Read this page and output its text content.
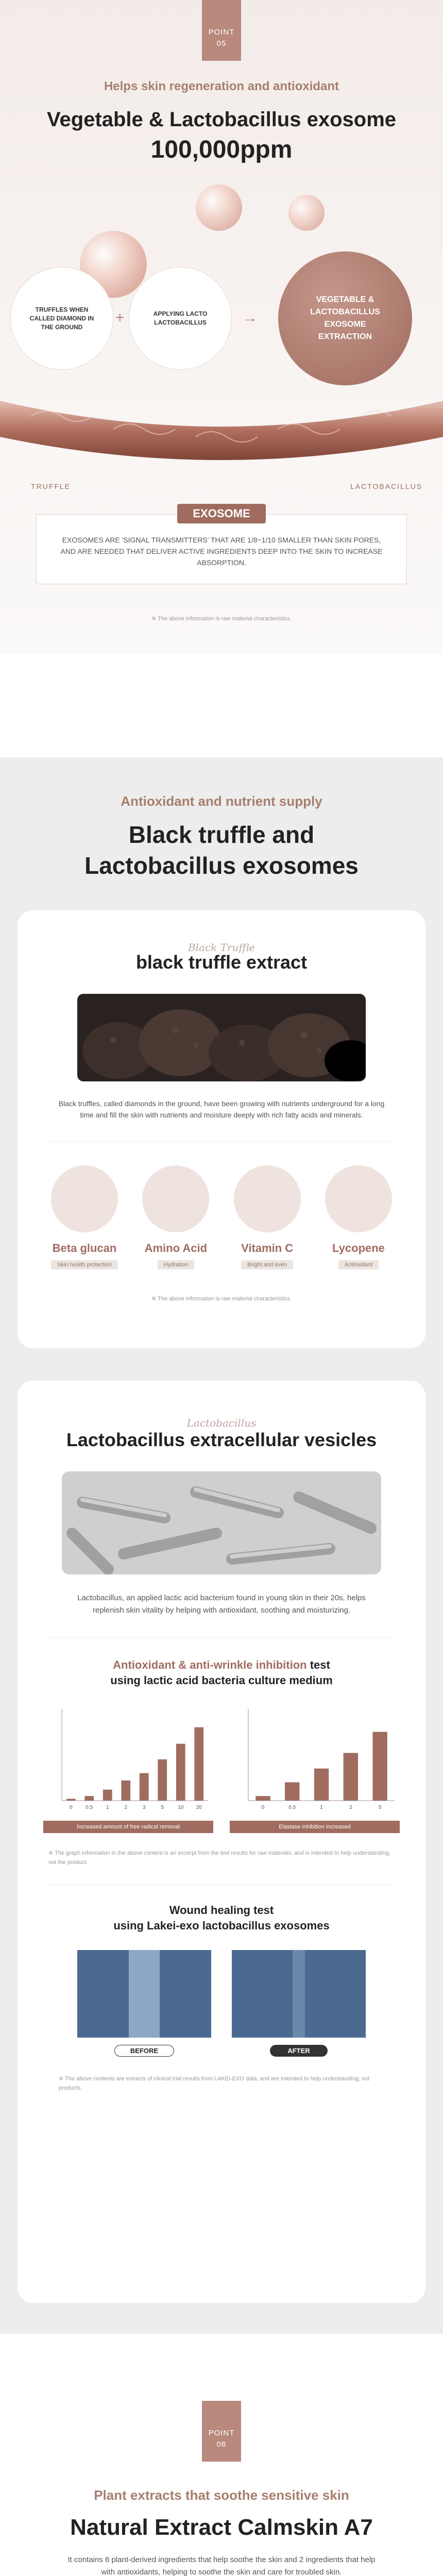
POINT
05
Helps skin regeneration and antioxidant
Vegetable & Lactobacillus exosome
100,000ppm
TRUFFLES WHEN CALLED DIAMOND IN THE GROUND
+	APPLYING LACTO LACTOBACILLUS	→
VEGETABLE & LACTOBACILLUS EXOSOME EXTRACTION
TRUFFLE	LACTOBACILLUS
EXOSOME
EXOSOMES ARE 'SIGNAL TRANSMITTERS' THAT ARE 1/8~1/10 SMALLER THAN SKIN PORES, AND ARE NEEDED THAT DELIVER ACTIVE INGREDIENTS DEEP INTO THE SKIN TO INCREASE ABSORPTION.
※ The above information is raw material characteristics.
Antioxidant and nutrient supply
Black truffle and
Lactobacillus exosomes
Black Truffle
black truffle extract
Black truffles, called diamonds in the ground, have been growing with nutrients underground for a long time and fill the skin with nutrients and moisture deeply with rich fatty acids and minerals.
Beta glucan
Skin health protection
Amino Acid
Hydration
Vitamin C
Bright and even
Lycopene
Antioxidant
※ The above information is raw material characteristics.
Lactobacillus
Lactobacillus extracellular vesicles
Lactobacillus, an applied lactic acid bacterium found in young skin in their 20s, helps replenish skin vitality by helping with antioxidant, soothing and moisturizing.
Antioxidant & anti-wrinkle inhibition test
using lactic acid bacteria culture medium
0	0.5	1	2	3	5	10 20
Increased amount of free radical removal
0	0.5	1	2	5
Elastase inhibition increased
※ The graph information in the above content is an excerpt from the test results for raw materials, and is intended to help understanding, not the product.
Wound healing test
using Lakei-exo lactobacillus exosomes
BEFORE	AFTER
※ The above contents are extracts of clinical trial results from LAKEI-EXO data, and are intended to help understanding, not products.
POINT
06
Plant extracts that soothe sensitive skin
Natural Extract Calmskin A7
It contains 6 plant-derived ingredients that help soothe the skin and 2 ingredients that help with antioxidants, helping to soothe the skin and care for troubled skin.
